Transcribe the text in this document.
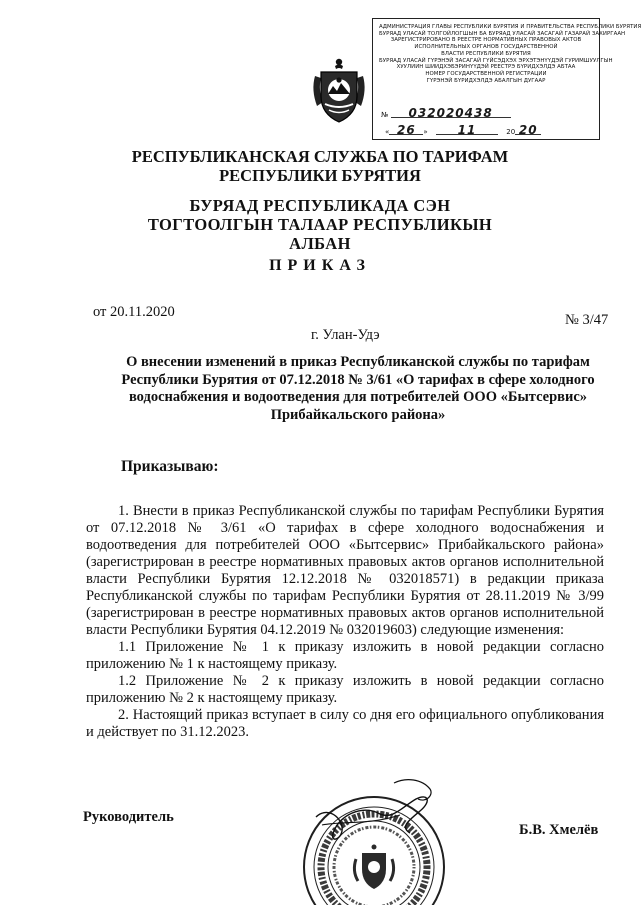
АДМИНИСТРАЦИЯ ГЛАВЫ РЕСПУБЛИКИ БУРЯТИЯ И ПРАВИТЕЛЬСТВА РЕСПУБЛИКИ БУРЯТИЯ
БУРЯАД УЛАСАЙ ТОЛГОЙЛОГШЫН БА БУРЯАД УЛАСАЙ ЗАСАГАЙ ГАЗАРАЙ ЗАХИРГААН
ЗАРЕГИСТРИРОВАНО В РЕЕСТРЕ НОРМАТИВНЫХ ПРАВОВЫХ АКТОВ
ИСПОЛНИТЕЛЬНЫХ ОРГАНОВ ГОСУДАРСТВЕННОЙ
ВЛАСТИ РЕСПУБЛИКИ БУРЯТИЯ
БУРЯАД УЛАСАЙ ГҮРЭНЭЙ ЗАСАГАЙ ГҮЙСЭДХЭХ ЭРХЭТЭНҮҮДЭЙ ГУРИМШУУЛГЫН
ХУУЛИИН ШИИДХЭБЭРИНҮҮДЭЙ РЕЕСТРЭ БҮРИДХЭЛДЭ АБТАА
НОМЕР ГОСУДАРСТВЕННОЙ РЕГИСТРАЦИИ
ГҮРЭНЭЙ БҮРИДХЭЛДЭ АБАЛГЫН ДУГААР
№ 032020438
« 26 » 11	20 20
РЕСПУБЛИКАНСКАЯ СЛУЖБА ПО ТАРИФАМ РЕСПУБЛИКИ БУРЯТИЯ
БУРЯАД РЕСПУБЛИКАДА СЭН ТОГТООЛГЫН ТАЛААР РЕСПУБЛИКЫН АЛБАН
ПРИКАЗ
от 20.11.2020	№ 3/47
г. Улан-Удэ
О внесении изменений в приказ Республиканской службы по тарифам Республики Бурятия от 07.12.2018 № 3/61 «О тарифах в сфере холодного водоснабжения и водоотведения для потребителей ООО «Бытсервис» Прибайкальского района»
Приказываю:

1. Внести в приказ Республиканской службы по тарифам Республики Бурятия от 07.12.2018 № 3/61 «О тарифах в сфере холодного водоснабжения и водоотведения для потребителей ООО «Бытсервис» Прибайкальского района» (зарегистрирован в реестре нормативных правовых актов органов исполнительной власти Республики Бурятия 12.12.2018 № 032018571) в редакции приказа Республиканской службы по тарифам Республики Бурятия от 28.11.2019 № 3/99 (зарегистрирован в реестре нормативных правовых актов органов исполнительной власти Республики Бурятия 04.12.2019 № 032019603) следующие изменения:

1.1 Приложение № 1 к приказу изложить в новой редакции согласно приложению № 1 к настоящему приказу.

1.2 Приложение № 2 к приказу изложить в новой редакции согласно приложению № 2 к настоящему приказу.

2. Настоящий приказ вступает в силу со дня его официального опубликования и действует по 31.12.2023.

Руководитель
Б.В. Хмелёв
